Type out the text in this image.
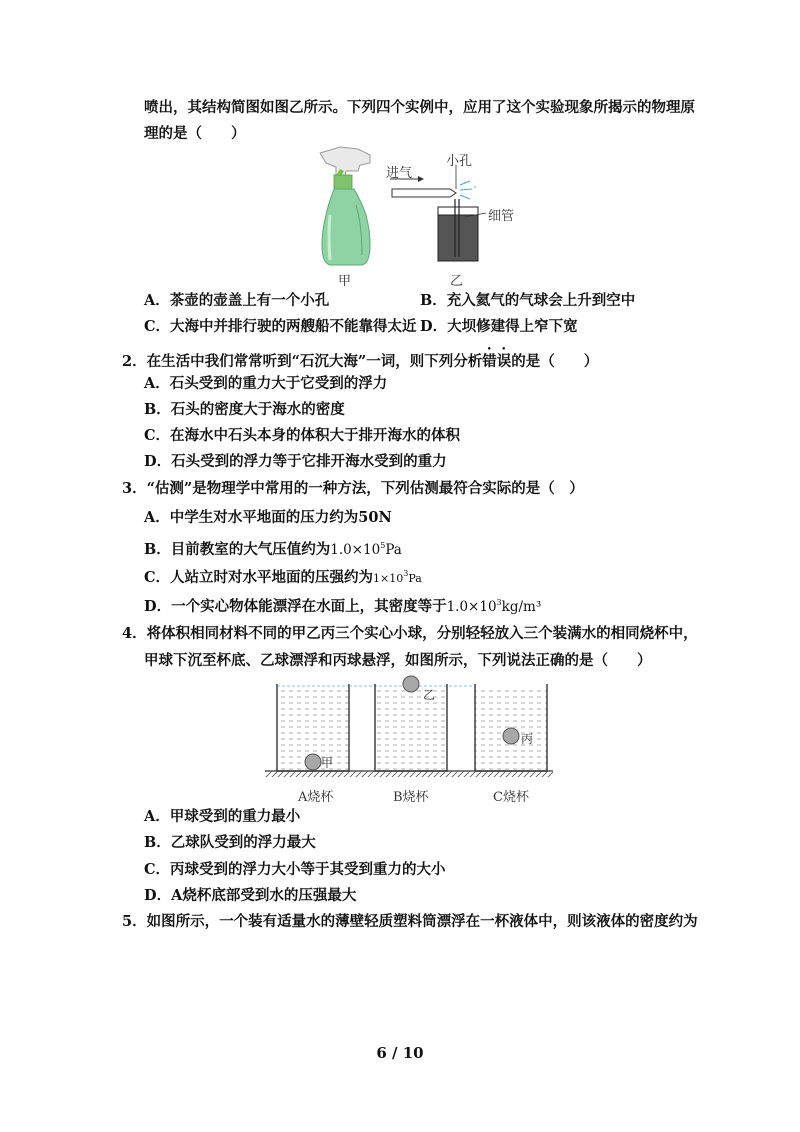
喷出，其结构简图如图乙所示。下列四个实例中，应用了这个实验现象所揭示的物理原
理的是（　　）
进气
小孔
细管
甲	乙
A．茶壶的壶盖上有一个小孔	B．充入氦气的气球会上升到空中
C．大海中并排行驶的两艘船不能靠得太近 D．大坝修建得上窄下宽
2．在生活中我们常常听到“石沉大海”一词，则下列分析错误的是（　　）
A．石头受到的重力大于它受到的浮力
B．石头的密度大于海水的密度
C．在海水中石头本身的体积大于排开海水的体积
D．石头受到的浮力等于它排开海水受到的重力
3．“估测”是物理学中常用的一种方法，下列估测最符合实际的是（　）
A．中学生对水平地面的压力约为50N
B．目前教室的大气压值约为$1.0\times 10^5Pa$
C．人站立时对水平地面的压强约为$1\times 10^3Pa$
D．一个实心物体能漂浮在水面上，其密度等于$1.0\times 10^3kg/m^3$
4．将体积相同材料不同的甲乙丙三个实心小球，分别轻轻放入三个装满水的相同烧杯中，
甲球下沉至杯底、乙球漂浮和丙球悬浮，如图所示，下列说法正确的是（　　）
甲
乙
丙
A烧杯	B烧杯	C烧杯
A．甲球受到的重力最小
B．乙球队受到的浮力最大
C．丙球受到的浮力大小等于其受到重力的大小
D．A烧杯底部受到水的压强最大
5．如图所示，一个装有适量水的薄壁轻质塑料筒漂浮在一杯液体中，则该液体的密度约为
6 / 10
